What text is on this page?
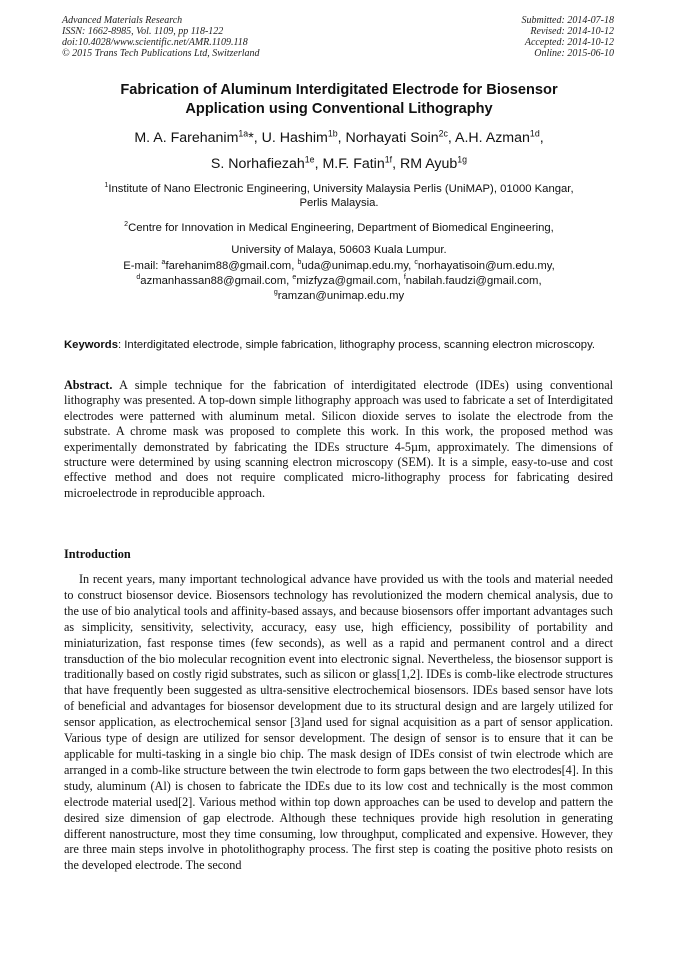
Advanced Materials Research
ISSN: 1662-8985, Vol. 1109, pp 118-122
doi:10.4028/www.scientific.net/AMR.1109.118
© 2015 Trans Tech Publications Ltd, Switzerland
Submitted: 2014-07-18
Revised: 2014-10-12
Accepted: 2014-10-12
Online: 2015-06-10
Fabrication of Aluminum Interdigitated Electrode for Biosensor
Application using Conventional Lithography
M. A. Farehanim$^{1a}$*, U. Hashim$^{1b}$, Norhayati Soin$^{2c}$, A.H. Azman$^{1d}$,
S. Norhafiezah$^{1e}$, M.F. Fatin$^{1f}$, RM Ayub$^{1g}$
$^1$Institute of Nano Electronic Engineering, University Malaysia Perlis (UniMAP), 01000 Kangar,
Perlis Malaysia.
$^2$Centre for Innovation in Medical Engineering, Department of Biomedical Engineering,
University of Malaya, 50603 Kuala Lumpur.
E-mail: $^a$farehanim88@gmail.com, $^b$uda@unimap.edu.my, $^c$norhayatisoin@um.edu.my,
$^d$azmanhassan88@gmail.com, $^e$mizfyza@gmail.com, $^f$nabilah.faudzi@gmail.com,
$^g$ramzan@unimap.edu.my
Keywords: Interdigitated electrode, simple fabrication, lithography process, scanning electron microscopy.
Abstract. A simple technique for the fabrication of interdigitated electrode (IDEs) using conventional lithography was presented. A top-down simple lithography approach was used to fabricate a set of Interdigitated electrodes were patterned with aluminum metal. Silicon dioxide serves to isolate the electrode from the substrate. A chrome mask was proposed to complete this work. In this work, the proposed method was experimentally demonstrated by fabricating the IDEs structure 4-5µm, approximately. The dimensions of structure were determined by using scanning electron microscopy (SEM). It is a simple, easy-to-use and cost effective method and does not require complicated micro-lithography process for fabricating desired microelectrode in reproducible approach.
Introduction

In recent years, many important technological advance have provided us with the tools and material needed to construct biosensor device. Biosensors technology has revolutionized the modern chemical analysis, due to the use of bio analytical tools and affinity-based assays, and because biosensors offer important advantages such as simplicity, sensitivity, selectivity, accuracy, easy use, high efficiency, possibility of portability and miniaturization, fast response times (few seconds), as well as a rapid and permanent control and a direct transduction of the bio molecular recognition event into electronic signal. Nevertheless, the biosensor support is traditionally based on costly rigid substrates, such as silicon or glass[1,2]. IDEs is comb-like electrode structures that have frequently been suggested as ultra-sensitive electrochemical biosensors. IDEs based sensor have lots of beneficial and advantages for biosensor development due to its structural design and are largely utilized for sensor application, as electrochemical sensor [3]and used for signal acquisition as a part of sensor application. Various type of design are utilized for sensor development. The design of sensor is to ensure that it can be applicable for multi-tasking in a single bio chip. The mask design of IDEs consist of twin electrode which are arranged in a comb-like structure between the twin electrode to form gaps between the two electrodes[4]. In this study, aluminum (Al) is chosen to fabricate the IDEs due to its low cost and technically is the most common electrode material used[2]. Various method within top down approaches can be used to develop and pattern the desired size dimension of gap electrode. Although these techniques provide high resolution in generating different nanostructure, most they time consuming, low throughput, complicated and expensive. However, they are three main steps involve in photolithography process. The first step is coating the positive photo resists on the developed electrode. The second
